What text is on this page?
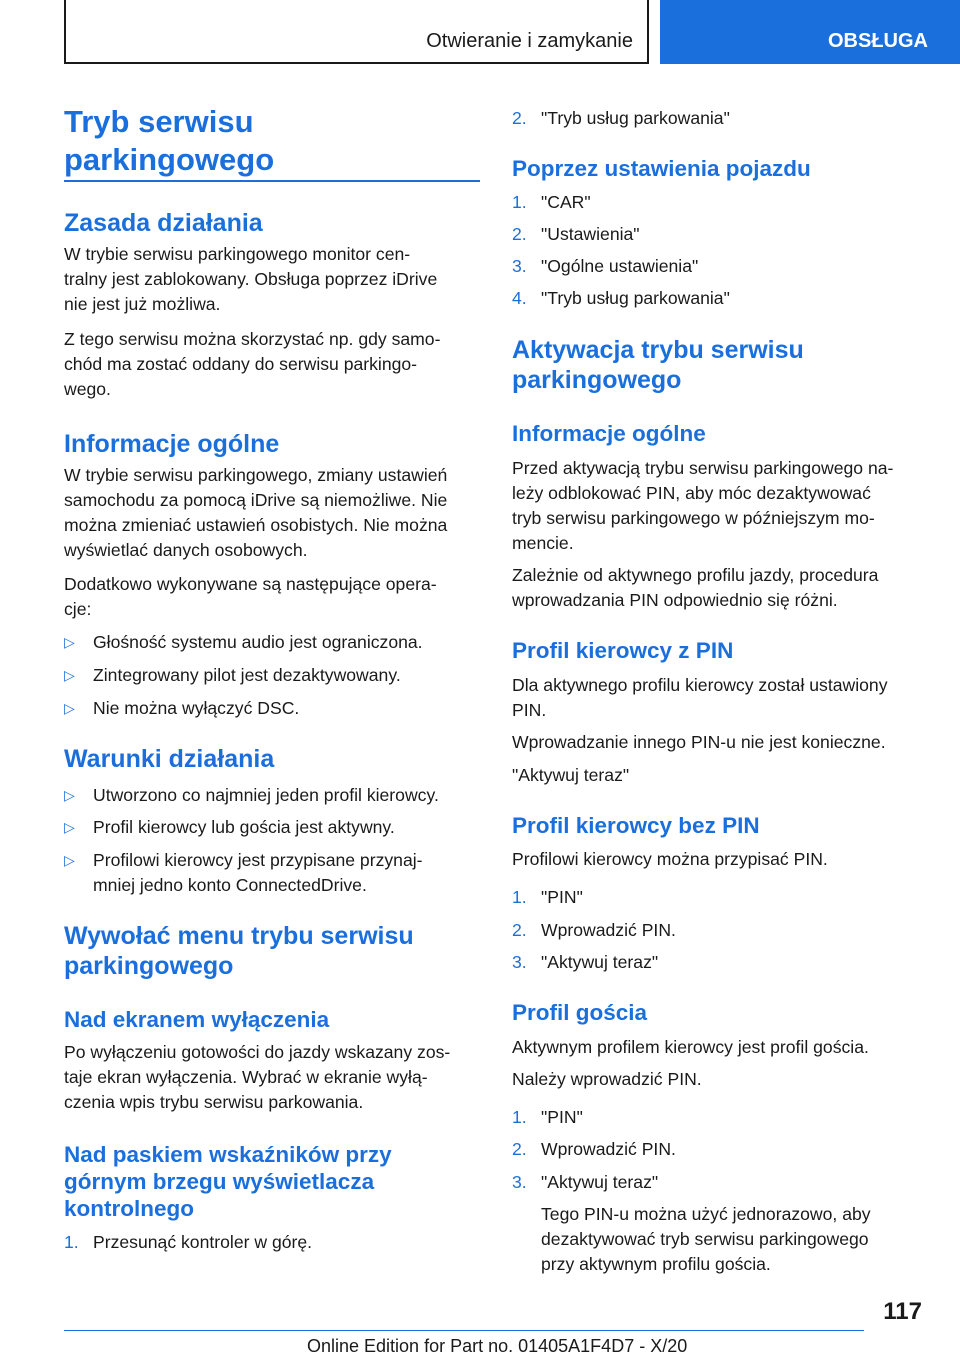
Otwieranie i zamykanie	OBSŁUGA
Tryb serwisu
parkingowego
Zasada działania
W trybie serwisu parkingowego monitor cen-
tralny jest zablokowany. Obsługa poprzez iDrive
nie jest już możliwa.
Z tego serwisu można skorzystać np. gdy samo-
chód ma zostać oddany do serwisu parkingo-
wego.
Informacje ogólne
W trybie serwisu parkingowego, zmiany ustawień
samochodu za pomocą iDrive są niemożliwe. Nie
można zmieniać ustawień osobistych. Nie można
wyświetlać danych osobowych.
Dodatkowo wykonywane są następujące opera-
cje:
▷ Głośność systemu audio jest ograniczona.
▷ Zintegrowany pilot jest dezaktywowany.
▷ Nie można wyłączyć DSC.
Warunki działania
▷ Utworzono co najmniej jeden profil kierowcy.
▷ Profil kierowcy lub gościa jest aktywny.
▷ Profilowi kierowcy jest przypisane przynaj-
mniej jedno konto ConnectedDrive.
Wywołać menu trybu serwisu
parkingowego
Nad ekranem wyłączenia
Po wyłączeniu gotowości do jazdy wskazany zos-
taje ekran wyłączenia. Wybrać w ekranie wyłą-
czenia wpis trybu serwisu parkowania.
Nad paskiem wskaźników przy
górnym brzegu wyświetlacza
kontrolnego
1. Przesunąć kontroler w górę.
2. "Tryb usług parkowania"
Poprzez ustawienia pojazdu
1. "CAR"
2. "Ustawienia"
3. "Ogólne ustawienia"
4. "Tryb usług parkowania"
Aktywacja trybu serwisu
parkingowego
Informacje ogólne
Przed aktywacją trybu serwisu parkingowego na-
leży odblokować PIN, aby móc dezaktywować
tryb serwisu parkingowego w późniejszym mo-
mencie.
Zależnie od aktywnego profilu jazdy, procedura
wprowadzania PIN odpowiednio się różni.
Profil kierowcy z PIN
Dla aktywnego profilu kierowcy został ustawiony
PIN.
Wprowadzanie innego PIN-u nie jest konieczne.
"Aktywuj teraz"
Profil kierowcy bez PIN
Profilowi kierowcy można przypisać PIN.
1. "PIN"
2. Wprowadzić PIN.
3. "Aktywuj teraz"
Profil gościa
Aktywnym profilem kierowcy jest profil gościa.
Należy wprowadzić PIN.
1. "PIN"
2. Wprowadzić PIN.
3. "Aktywuj teraz"
Tego PIN-u można użyć jednorazowo, aby
dezaktywować tryb serwisu parkingowego
przy aktywnym profilu gościa.
117
Online Edition for Part no. 01405A1F4D7 - X/20
